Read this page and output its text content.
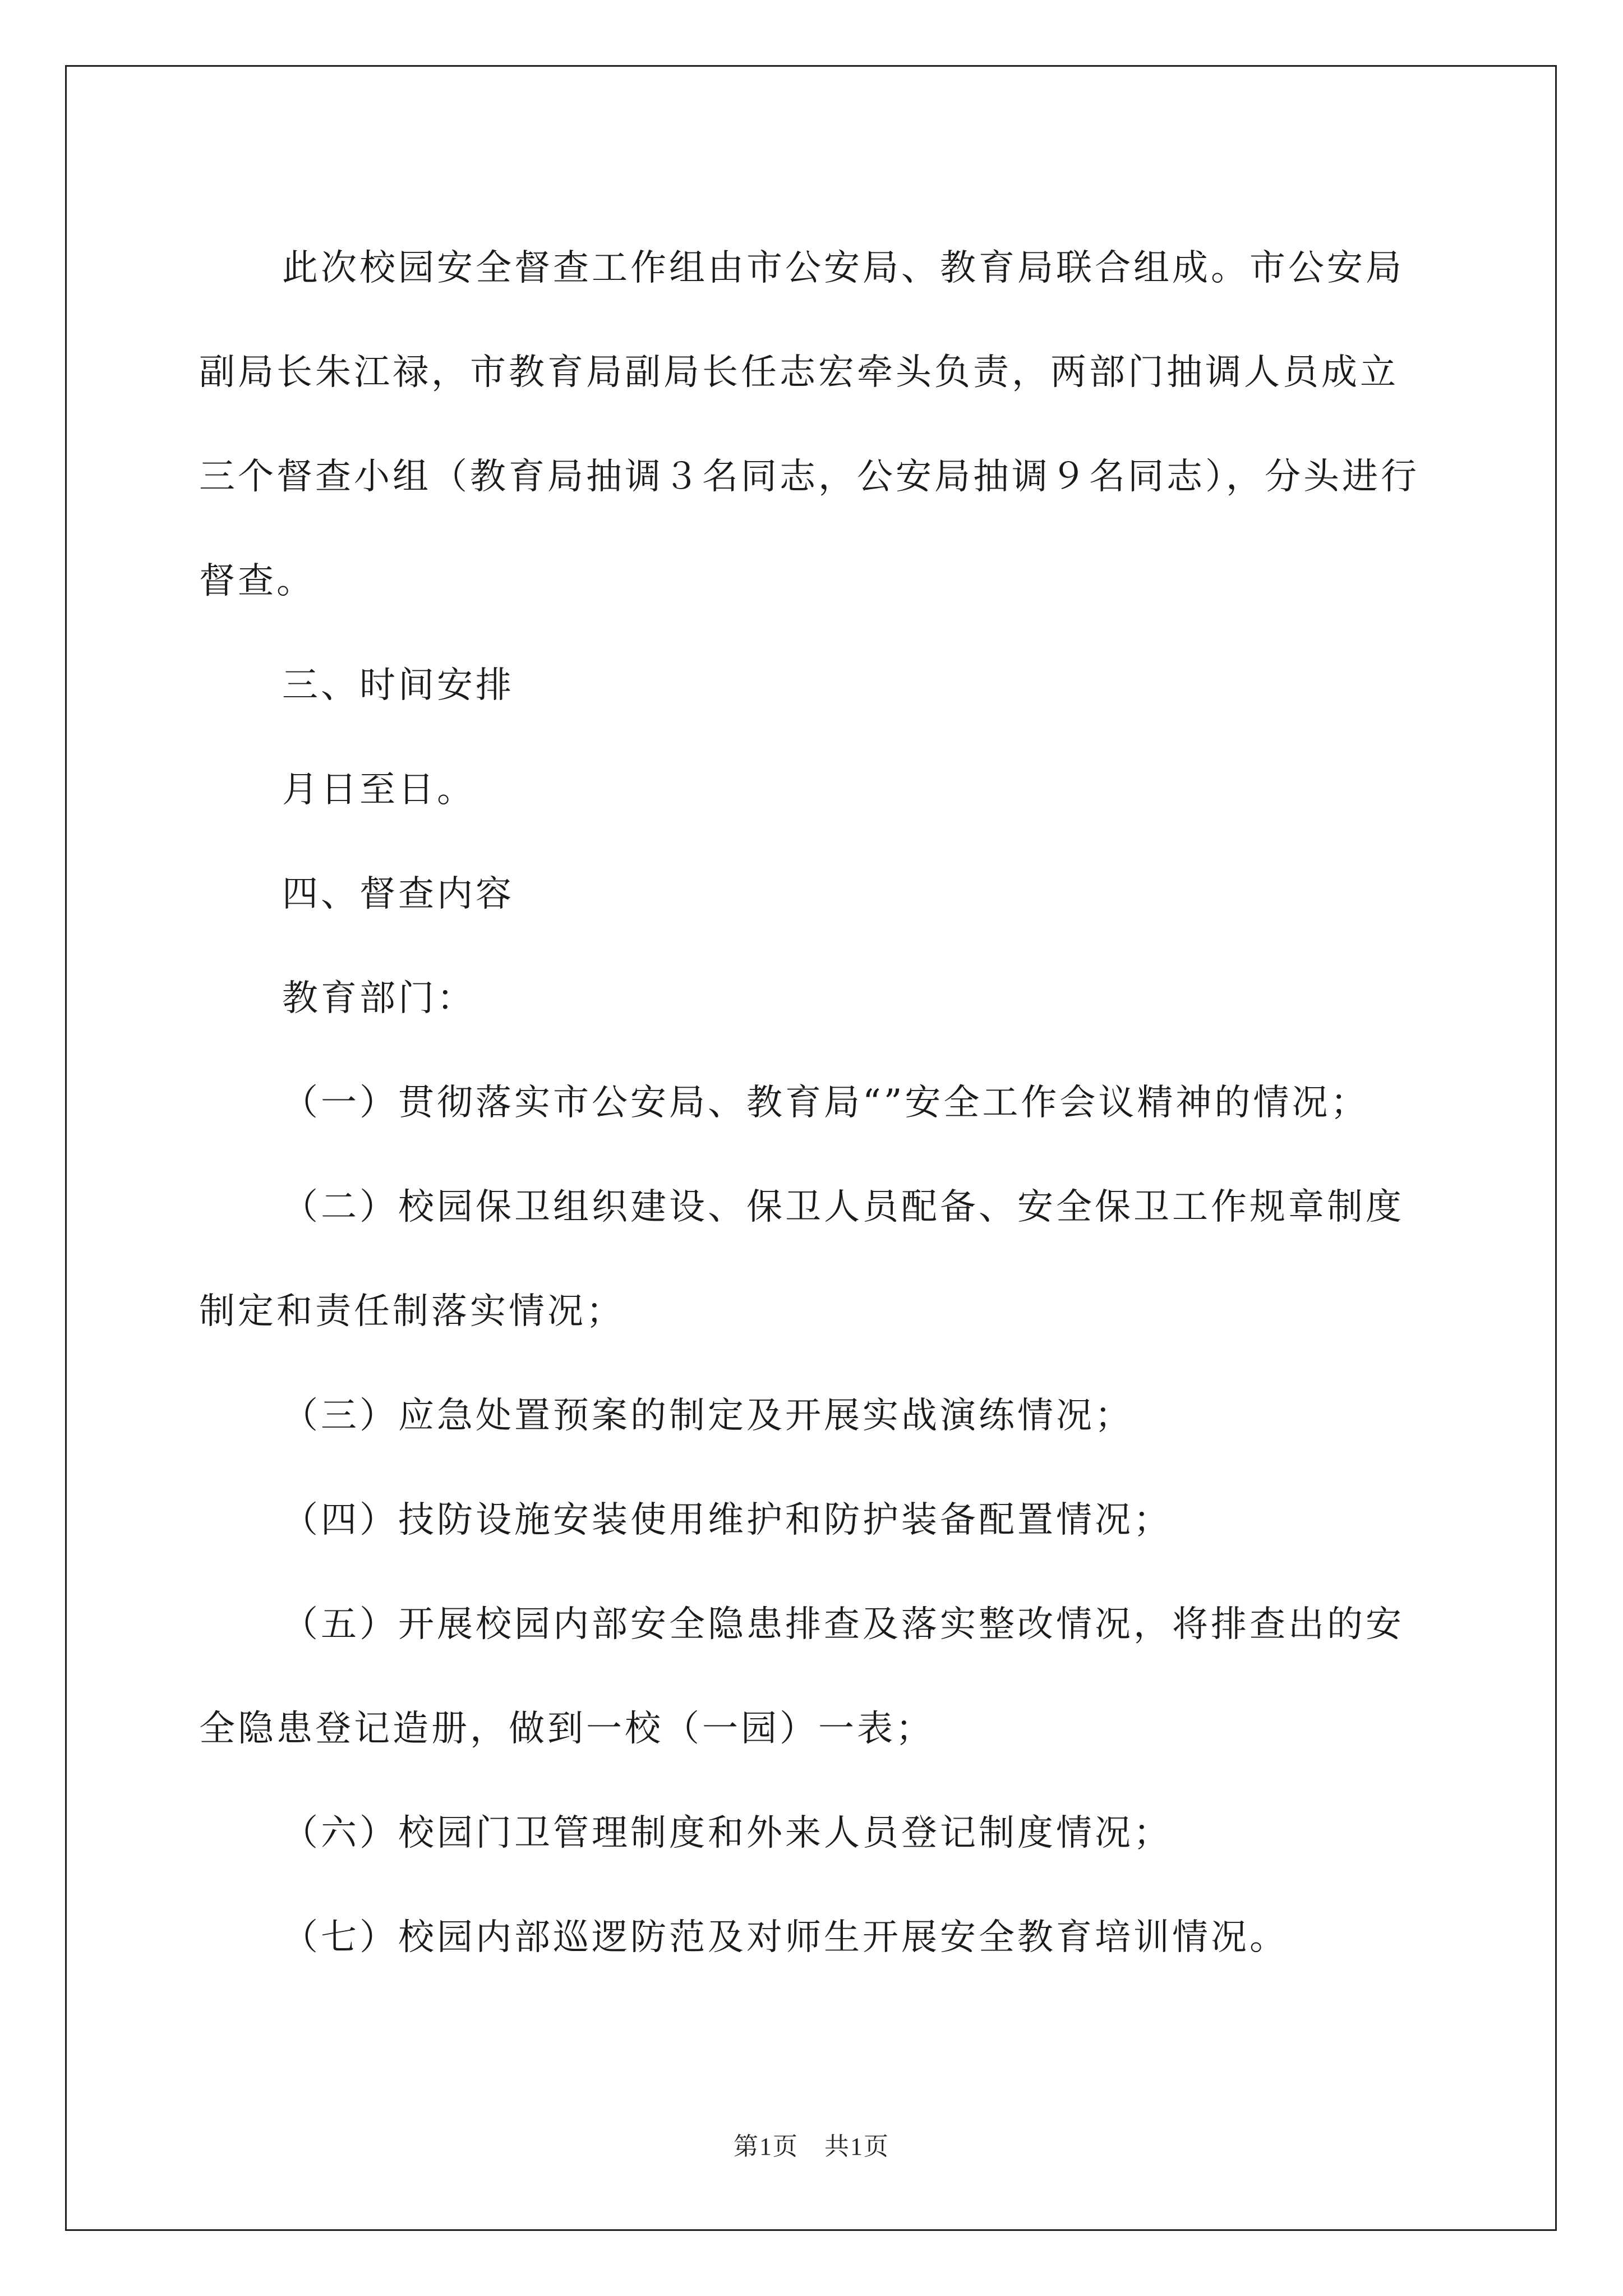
此次校园安全督查工作组由市公安局、教育局联合组成。市公安局副局长朱江禄，市教育局副局长任志宏牵头负责，两部门抽调人员成立三个督查小组（教育局抽调３名同志，公安局抽调９名同志），分头进行督查。

三、时间安排

月日至日。

四、督查内容

教育部门：

（一）贯彻落实市公安局、教育局“”安全工作会议精神的情况；

（二）校园保卫组织建设、保卫人员配备、安全保卫工作规章制度制定和责任制落实情况；

（三）应急处置预案的制定及开展实战演练情况；

（四）技防设施安装使用维护和防护装备配置情况；

（五）开展校园内部安全隐患排查及落实整改情况，将排查出的安全隐患登记造册，做到一校（一园）一表；

（六）校园门卫管理制度和外来人员登记制度情况；

（七）校园内部巡逻防范及对师生开展安全教育培训情况。

第1页　共1页
